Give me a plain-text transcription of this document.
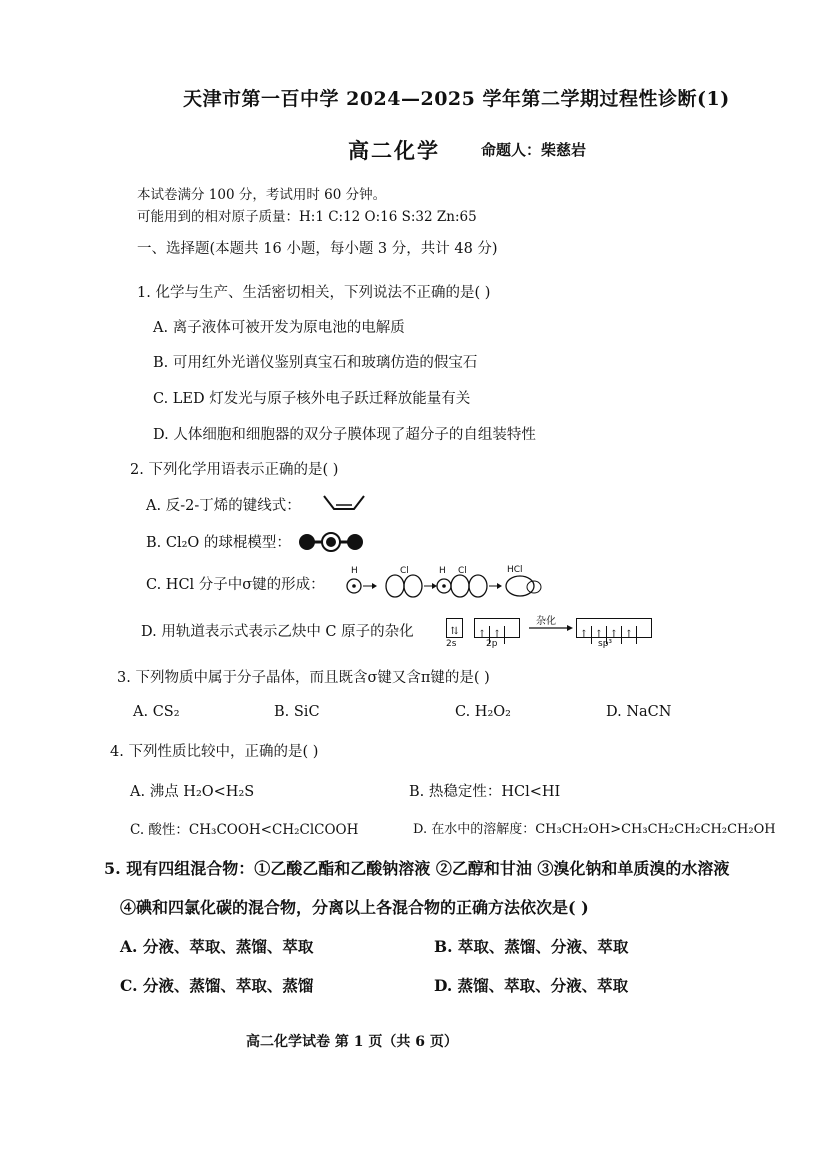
天津市第一百中学 2024—2025 学年第二学期过程性诊断(1)
高二化学	命题人：柴慈岩
本试卷满分 100 分，考试用时 60 分钟。
可能用到的相对原子质量：H:1 C:12 O:16 S:32 Zn:65
一、选择题(本题共 16 小题，每小题 3 分，共计 48 分)
1. 化学与生产、生活密切相关，下列说法不正确的是( )
A. 离子液体可被开发为原电池的电解质
B. 可用红外光谱仪鉴别真宝石和玻璃仿造的假宝石
C. LED 灯发光与原子核外电子跃迁释放能量有关
D. 人体细胞和细胞器的双分子膜体现了超分子的自组装特性
2. 下列化学用语表示正确的是( )
A. 反-2-丁烯的键线式：
B. Cl₂O 的球棍模型：
C. HCl 分子中σ键的形成：
H	Cl	H Cl	HCl
D. 用轨道表示式表示乙炔中 C 原子的杂化	⇅ ↑ ↑
2s	2p
杂化
↑ ↑ ↑ ↑
sp³
3. 下列物质中属于分子晶体，而且既含σ键又含π键的是( )
A. CS₂	B. SiC	C. H₂O₂	D. NaCN
4. 下列性质比较中，正确的是( )
A. 沸点 H₂O<H₂S	B. 热稳定性：HCl<HI
C. 酸性：CH₃COOH<CH₂ClCOOH	D. 在水中的溶解度：CH₃CH₂OH>CH₃CH₂CH₂CH₂CH₂OH
5. 现有四组混合物：①乙酸乙酯和乙酸钠溶液 ②乙醇和甘油 ③溴化钠和单质溴的水溶液
④碘和四氯化碳的混合物，分离以上各混合物的正确方法依次是( )
A. 分液、萃取、蒸馏、萃取	B. 萃取、蒸馏、分液、萃取
C. 分液、蒸馏、萃取、蒸馏	D. 蒸馏、萃取、分液、萃取
高二化学试卷 第 1 页（共 6 页）
